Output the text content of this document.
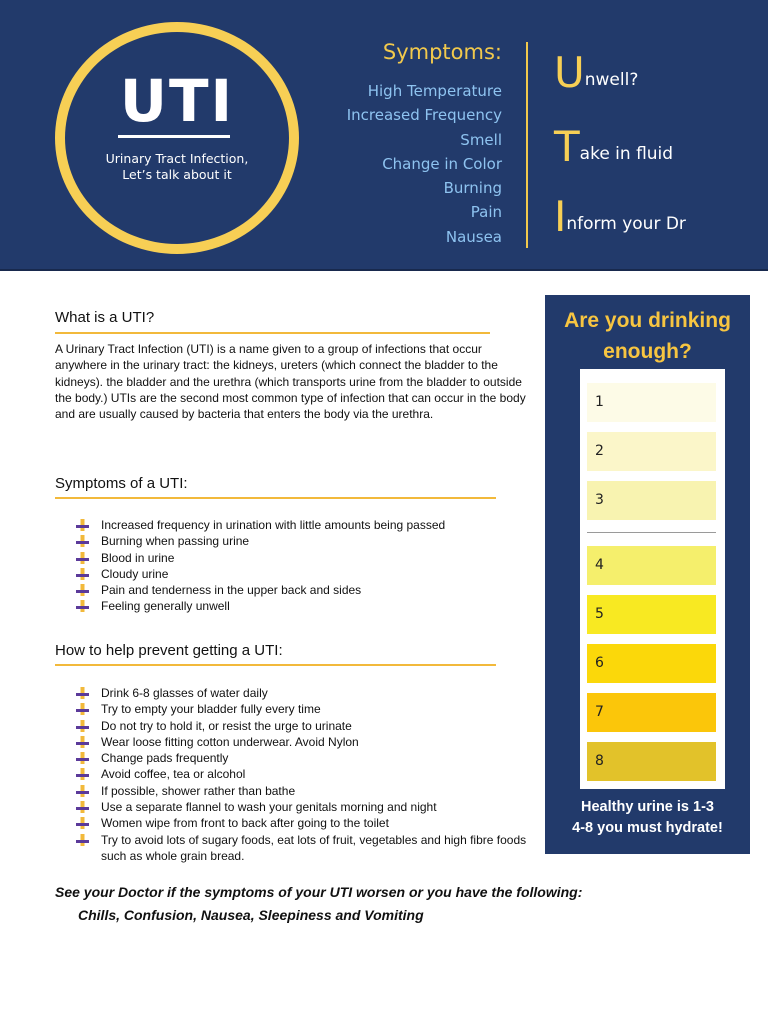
UTI
Urinary Tract Infection,
Let’s talk about it
Symptoms:
High Temperature
Increased Frequency
Smell
Change in Color
Burning
Pain
Nausea
Unwell?
Take in fluid
Inform your Dr
What is a UTI?

A Urinary Tract Infection (UTI) is a name given to a group of infections that occur anywhere in the urinary tract: the kidneys, ureters (which connect the bladder to the kidneys). the bladder and the urethra (which transports urine from the bladder to outside the body.) UTIs are the second most common type of infection that can occur in the body and are usually caused by bacteria that enters the body via the urethra.

Symptoms of a UTI:
Increased frequency in urination with little amounts being passed
Burning when passing urine
Blood in urine
Cloudy urine
Pain and tenderness in the upper back and sides
Feeling generally unwell
How to help prevent getting a UTI:
Drink 6-8 glasses of water daily
Try to empty your bladder fully every time
Do not try to hold it, or resist the urge to urinate
Wear loose fitting cotton underwear. Avoid Nylon
Change pads frequently
Avoid coffee, tea or alcohol
If possible, shower rather than bathe
Use a separate flannel to wash your genitals morning and night
Women wipe from front to back after going to the toilet
Try to avoid lots of sugary foods, eat lots of fruit, vegetables and high fibre foods such as whole grain bread.
See your Doctor if the symptoms of your UTI worsen or you have the following:
Chills, Confusion, Nausea, Sleepiness and Vomiting
Are you drinking
enough?
1
2
3
4
5
6
7
8
Healthy urine is 1-3
4-8 you must hydrate!
